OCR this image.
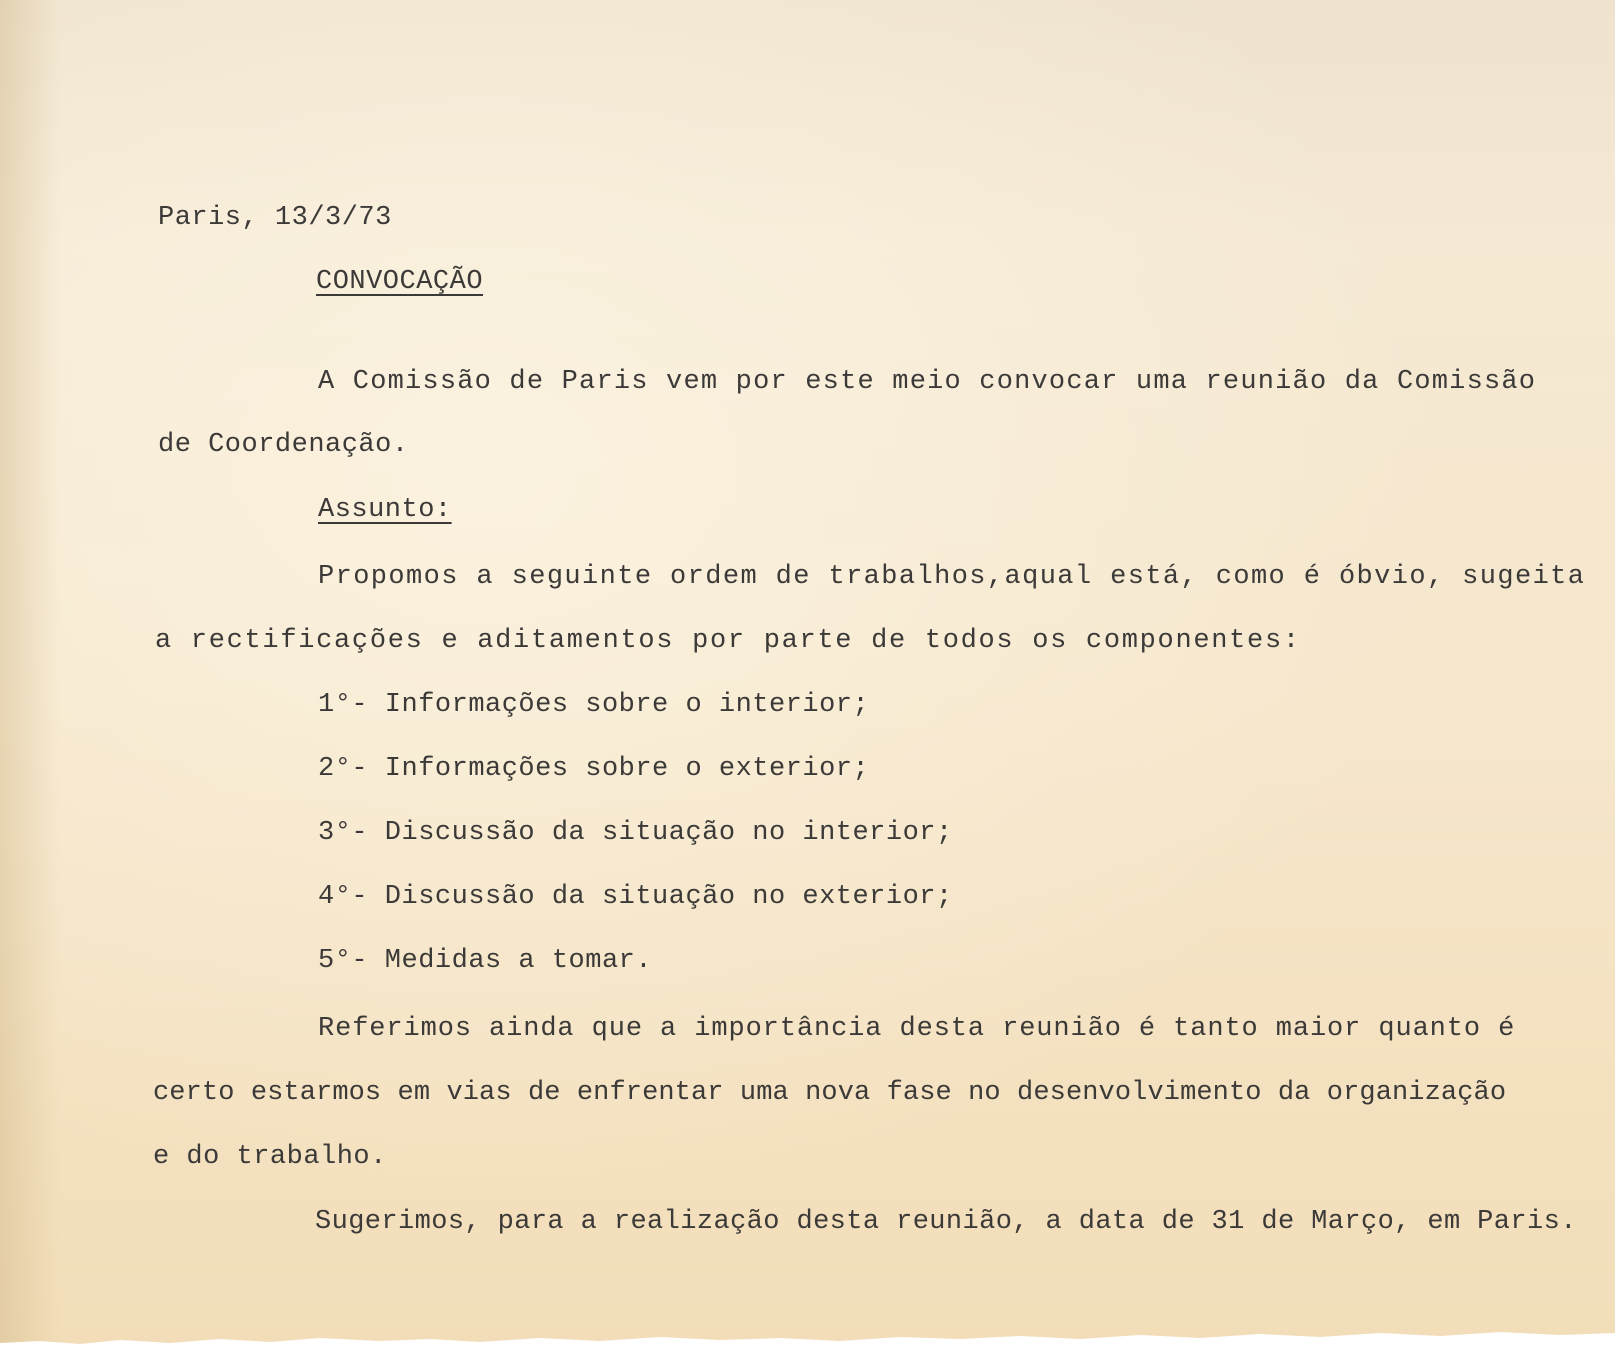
Paris, 13/3/73
CONVOCAÇÃO
A Comissão de Paris vem por este meio convocar uma reunião da Comissão
de Coordenação.
Assunto:
Propomos a seguinte ordem de trabalhos,aqual está, como é óbvio, sugeita
a rectificações e aditamentos por parte de todos os componentes:
1°- Informações sobre o interior;
2°- Informações sobre o exterior;
3°- Discussão da situação no interior;
4°- Discussão da situação no exterior;
5°- Medidas a tomar.
Referimos ainda que a importância desta reunião é tanto maior quanto é
certo estarmos em vias de enfrentar uma nova fase no desenvolvimento da organização
e do trabalho.
Sugerimos, para a realização desta reunião, a data de 31 de Março, em Paris.
